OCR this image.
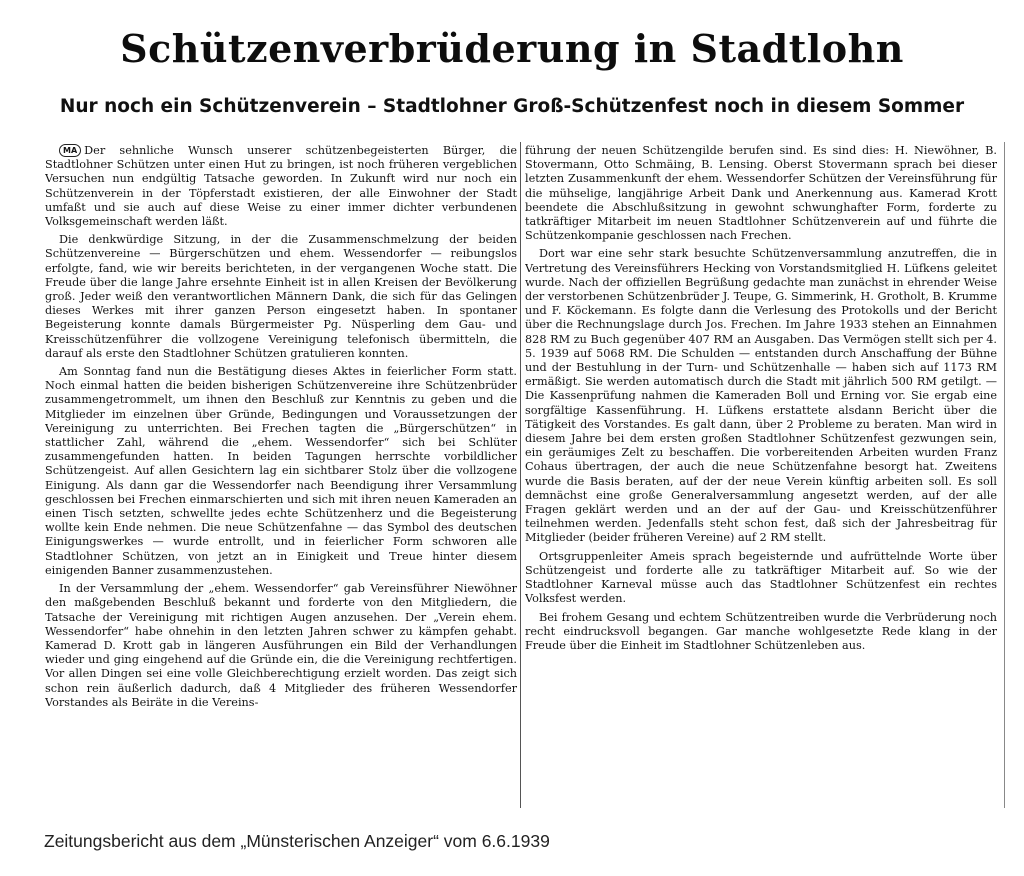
Schützenverbrüderung in Stadtlohn
Nur noch ein Schützenverein – Stadtlohner Groß-Schützenfest noch in diesem Sommer

MA Der sehnliche Wunsch unserer schützenbegeisterten Bürger, die Stadtlohner Schützen unter einen Hut zu bringen, ist noch früheren vergeblichen Versuchen nun endgültig Tatsache geworden. In Zukunft wird nur noch ein Schützenverein in der Töpferstadt existieren, der alle Einwohner der Stadt umfaßt und sie auch auf diese Weise zu einer immer dichter verbundenen Volksgemeinschaft werden läßt.

Die denkwürdige Sitzung, in der die Zusammenschmelzung der beiden Schützenvereine — Bürgerschützen und ehem. Wessendorfer — reibungslos erfolgte, fand, wie wir bereits berichteten, in der vergangenen Woche statt. Die Freude über die lange Jahre ersehnte Einheit ist in allen Kreisen der Bevölkerung groß. Jeder weiß den verantwortlichen Männern Dank, die sich für das Gelingen dieses Werkes mit ihrer ganzen Person eingesetzt haben. In spontaner Begeisterung konnte damals Bürgermeister Pg. Nüsperling dem Gau- und Kreisschützenführer die vollzogene Vereinigung telefonisch übermitteln, die darauf als erste den Stadtlohner Schützen gratulieren konnten.

Am Sonntag fand nun die Bestätigung dieses Aktes in feierlicher Form statt. Noch einmal hatten die beiden bisherigen Schützenvereine ihre Schützenbrüder zusammengetrommelt, um ihnen den Beschluß zur Kenntnis zu geben und die Mitglieder im einzelnen über Gründe, Bedingungen und Voraussetzungen der Vereinigung zu unterrichten. Bei Frechen tagten die „Bürgerschützen“ in stattlicher Zahl, während die „ehem. Wessendorfer“ sich bei Schlüter zusammengefunden hatten. In beiden Tagungen herrschte vorbildlicher Schützengeist. Auf allen Gesichtern lag ein sichtbarer Stolz über die vollzogene Einigung. Als dann gar die Wessendorfer nach Beendigung ihrer Versammlung geschlossen bei Frechen einmarschierten und sich mit ihren neuen Kameraden an einen Tisch setzten, schwellte jedes echte Schützenherz und die Begeisterung wollte kein Ende nehmen. Die neue Schützenfahne — das Symbol des deutschen Einigungswerkes — wurde entrollt, und in feierlicher Form schworen alle Stadtlohner Schützen, von jetzt an in Einigkeit und Treue hinter diesem einigenden Banner zusammenzustehen.

In der Versammlung der „ehem. Wessendorfer“ gab Vereinsführer Niewöhner den maßgebenden Beschluß bekannt und forderte von den Mitgliedern, die Tatsache der Vereinigung mit richtigen Augen anzusehen. Der „Verein ehem. Wessendorfer“ habe ohnehin in den letzten Jahren schwer zu kämpfen gehabt. Kamerad D. Krott gab in längeren Ausführungen ein Bild der Verhandlungen wieder und ging eingehend auf die Gründe ein, die die Vereinigung rechtfertigen. Vor allen Dingen sei eine volle Gleichberechtigung erzielt worden. Das zeigt sich schon rein äußerlich dadurch, daß 4 Mitglieder des früheren Wessendorfer Vorstandes als Beiräte in die Vereins-

führung der neuen Schützengilde berufen sind. Es sind dies: H. Niewöhner, B. Stovermann, Otto Schmäing, B. Lensing. Oberst Stovermann sprach bei dieser letzten Zusammenkunft der ehem. Wessendorfer Schützen der Vereinsführung für die mühselige, langjährige Arbeit Dank und Anerkennung aus. Kamerad Krott beendete die Abschlußsitzung in gewohnt schwunghafter Form, forderte zu tatkräftiger Mitarbeit im neuen Stadtlohner Schützenverein auf und führte die Schützenkompanie geschlossen nach Frechen.

Dort war eine sehr stark besuchte Schützenversammlung anzutreffen, die in Vertretung des Vereinsführers Hecking von Vorstandsmitglied H. Lüfkens geleitet wurde. Nach der offiziellen Begrüßung gedachte man zunächst in ehrender Weise der verstorbenen Schützenbrüder J. Teupe, G. Simmerink, H. Grotholt, B. Krumme und F. Köckemann. Es folgte dann die Verlesung des Protokolls und der Bericht über die Rechnungslage durch Jos. Frechen. Im Jahre 1933 stehen an Einnahmen 828 RM zu Buch gegenüber 407 RM an Ausgaben. Das Vermögen stellt sich per 4. 5. 1939 auf 5068 RM. Die Schulden — entstanden durch Anschaffung der Bühne und der Bestuhlung in der Turn- und Schützenhalle — haben sich auf 1173 RM ermäßigt. Sie werden automatisch durch die Stadt mit jährlich 500 RM getilgt. — Die Kassenprüfung nahmen die Kameraden Boll und Erning vor. Sie ergab eine sorgfältige Kassenführung. H. Lüfkens erstattete alsdann Bericht über die Tätigkeit des Vorstandes. Es galt dann, über 2 Probleme zu beraten. Man wird in diesem Jahre bei dem ersten großen Stadtlohner Schützenfest gezwungen sein, ein geräumiges Zelt zu beschaffen. Die vorbereitenden Arbeiten wurden Franz Cohaus übertragen, der auch die neue Schützenfahne besorgt hat. Zweitens wurde die Basis beraten, auf der der neue Verein künftig arbeiten soll. Es soll demnächst eine große Generalversammlung angesetzt werden, auf der alle Fragen geklärt werden und an der auf der Gau- und Kreisschützenführer teilnehmen werden. Jedenfalls steht schon fest, daß sich der Jahresbeitrag für Mitglieder (beider früheren Vereine) auf 2 RM stellt.

Ortsgruppenleiter Ameis sprach begeisternde und aufrüttelnde Worte über Schützengeist und forderte alle zu tatkräftiger Mitarbeit auf. So wie der Stadtlohner Karneval müsse auch das Stadtlohner Schützenfest ein rechtes Volksfest werden.

Bei frohem Gesang und echtem Schützentreiben wurde die Verbrüderung noch recht eindrucksvoll begangen. Gar manche wohlgesetzte Rede klang in der Freude über die Einheit im Stadtlohner Schützenleben aus.

Zeitungsbericht aus dem „Münsterischen Anzeiger“ vom 6.6.1939
